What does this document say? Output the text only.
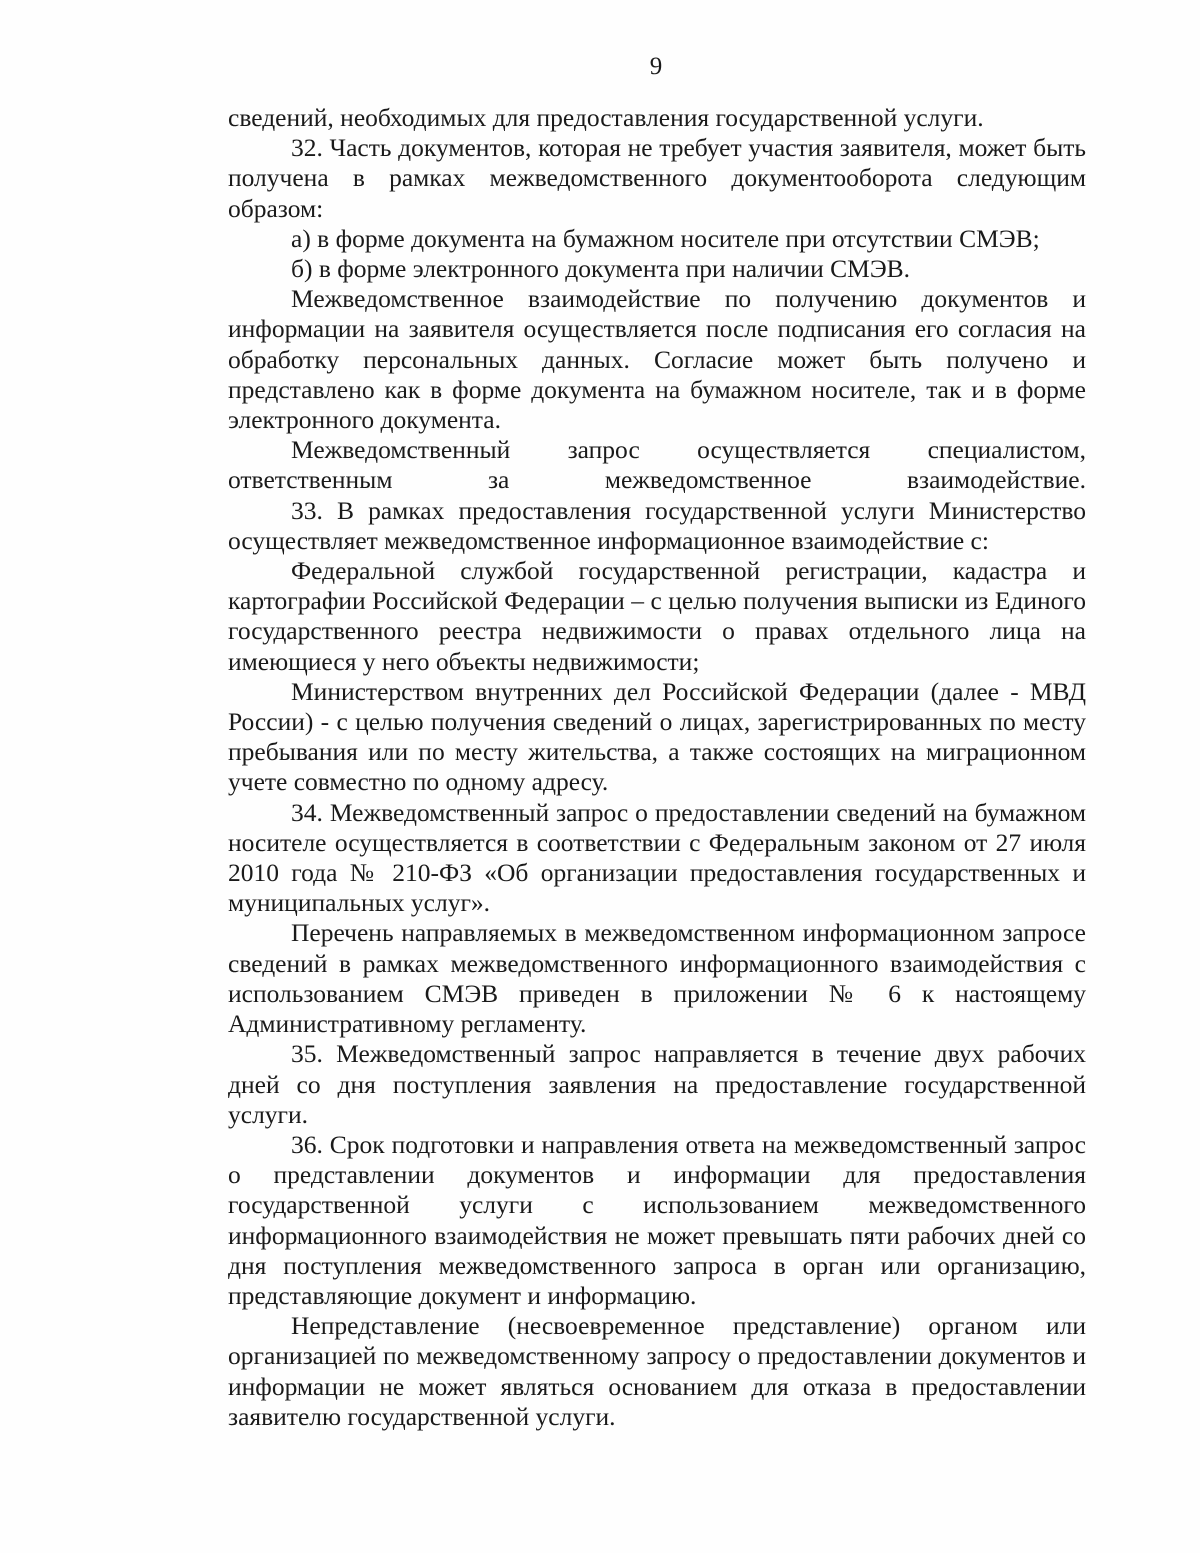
9

сведений, необходимых для предоставления государственной услуги.

32. Часть документов, которая не требует участия заявителя, может быть получена в рамках межведомственного документооборота следующим образом:

а) в форме документа на бумажном носителе при отсутствии СМЭВ;

б) в форме электронного документа при наличии СМЭВ.

Межведомственное взаимодействие по получению документов и информации на заявителя осуществляется после подписания его согласия на обработку персональных данных. Согласие может быть получено и представлено как в форме документа на бумажном носителе, так и в форме электронного документа.

Межведомственный запрос осуществляется специалистом, ответственным за межведомственное взаимодействие.

33. В рамках предоставления государственной услуги Министерство осуществляет межведомственное информационное взаимодействие с:

Федеральной службой государственной регистрации, кадастра и картографии Российской Федерации – с целью получения выписки из Единого государственного реестра недвижимости о правах отдельного лица на имеющиеся у него объекты недвижимости;

Министерством внутренних дел Российской Федерации (далее - МВД России) - с целью получения сведений о лицах, зарегистрированных по месту пребывания или по месту жительства, а также состоящих на миграционном учете совместно по одному адресу.

34. Межведомственный запрос о предоставлении сведений на бумажном носителе осуществляется в соответствии с Федеральным законом от 27 июля 2010 года № 210-ФЗ «Об организации предоставления государственных и муниципальных услуг».

Перечень направляемых в межведомственном информационном запросе сведений в рамках межведомственного информационного взаимодействия с использованием СМЭВ приведен в приложении № 6 к настоящему Административному регламенту.

35. Межведомственный запрос направляется в течение двух рабочих дней со дня поступления заявления на предоставление государственной услуги.

36. Срок подготовки и направления ответа на межведомственный запрос о представлении документов и информации для предоставления государственной услуги с использованием межведомственного информационного взаимодействия не может превышать пяти рабочих дней со дня поступления межведомственного запроса в орган или организацию, представляющие документ и информацию.

Непредставление (несвоевременное представление) органом или организацией по межведомственному запросу о предоставлении документов и информации не может являться основанием для отказа в предоставлении заявителю государственной услуги.
